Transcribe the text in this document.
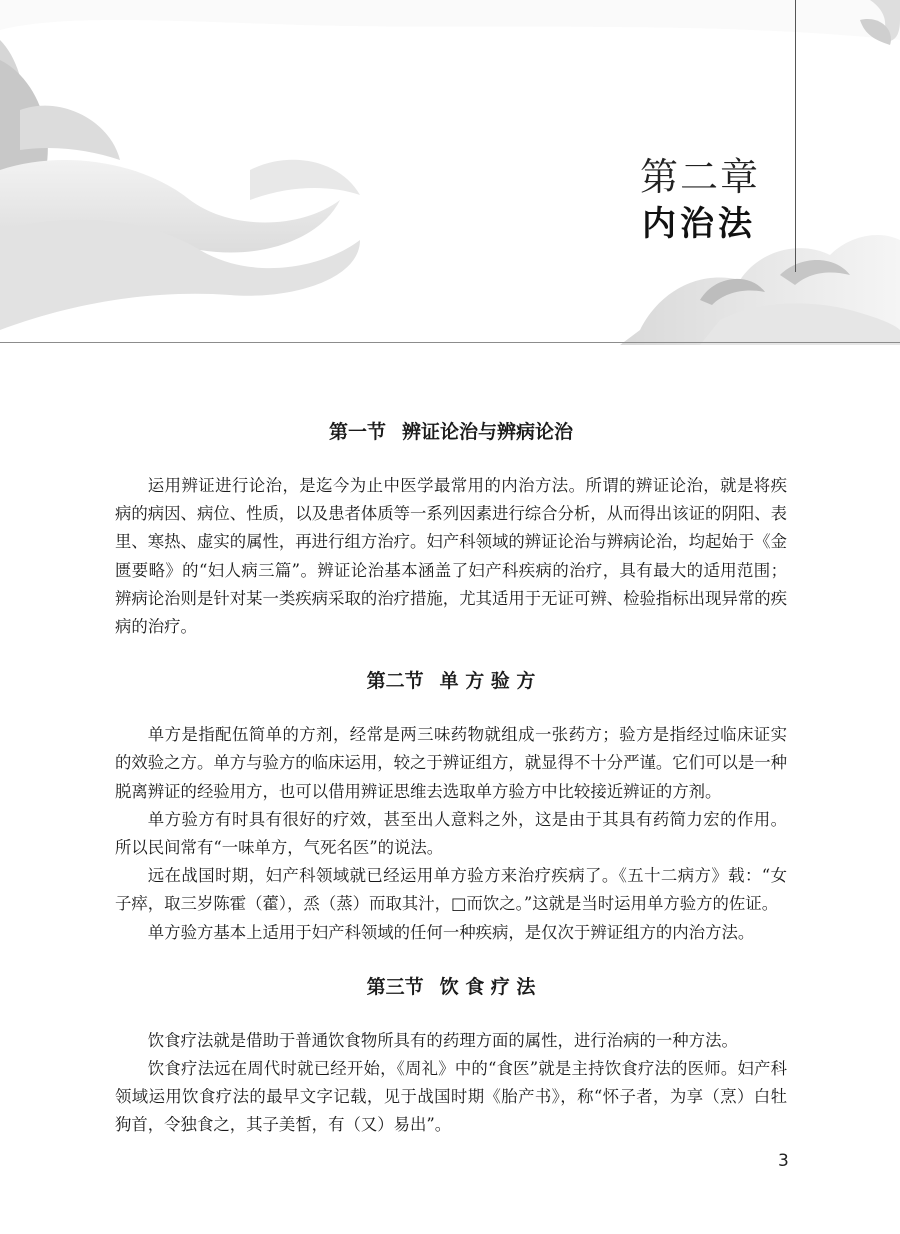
第二章
内治法
第一节 辨证论治与辨病论治

运用辨证进行论治，是迄今为止中医学最常用的内治方法。所谓的辨证论治，就是将疾病的病因、病位、性质，以及患者体质等一系列因素进行综合分析，从而得出该证的阴阳、表里、寒热、虚实的属性，再进行组方治疗。妇产科领域的辨证论治与辨病论治，均起始于《金匮要略》的“妇人病三篇”。辨证论治基本涵盖了妇产科疾病的治疗，具有最大的适用范围；辨病论治则是针对某一类疾病采取的治疗措施，尤其适用于无证可辨、检验指标出现异常的疾病的治疗。

第二节 单 方 验 方

单方是指配伍简单的方剂，经常是两三味药物就组成一张药方；验方是指经过临床证实的效验之方。单方与验方的临床运用，较之于辨证组方，就显得不十分严谨。它们可以是一种脱离辨证的经验用方，也可以借用辨证思维去选取单方验方中比较接近辨证的方剂。

单方验方有时具有很好的疗效，甚至出人意料之外，这是由于其具有药简力宏的作用。所以民间常有“一味单方，气死名医”的说法。

远在战国时期，妇产科领域就已经运用单方验方来治疗疾病了。《五十二病方》载：“女子瘁，取三岁陈霍（藿），烝（蒸）而取其汁，□而饮之。”这就是当时运用单方验方的佐证。

单方验方基本上适用于妇产科领域的任何一种疾病，是仅次于辨证组方的内治方法。

第三节 饮 食 疗 法

饮食疗法就是借助于普通饮食物所具有的药理方面的属性，进行治病的一种方法。

饮食疗法远在周代时就已经开始，《周礼》中的“食医”就是主持饮食疗法的医师。妇产科领域运用饮食疗法的最早文字记载，见于战国时期《胎产书》，称“怀子者，为享（烹）白牡狗首，令独食之，其子美皙，有（又）易出”。

3
